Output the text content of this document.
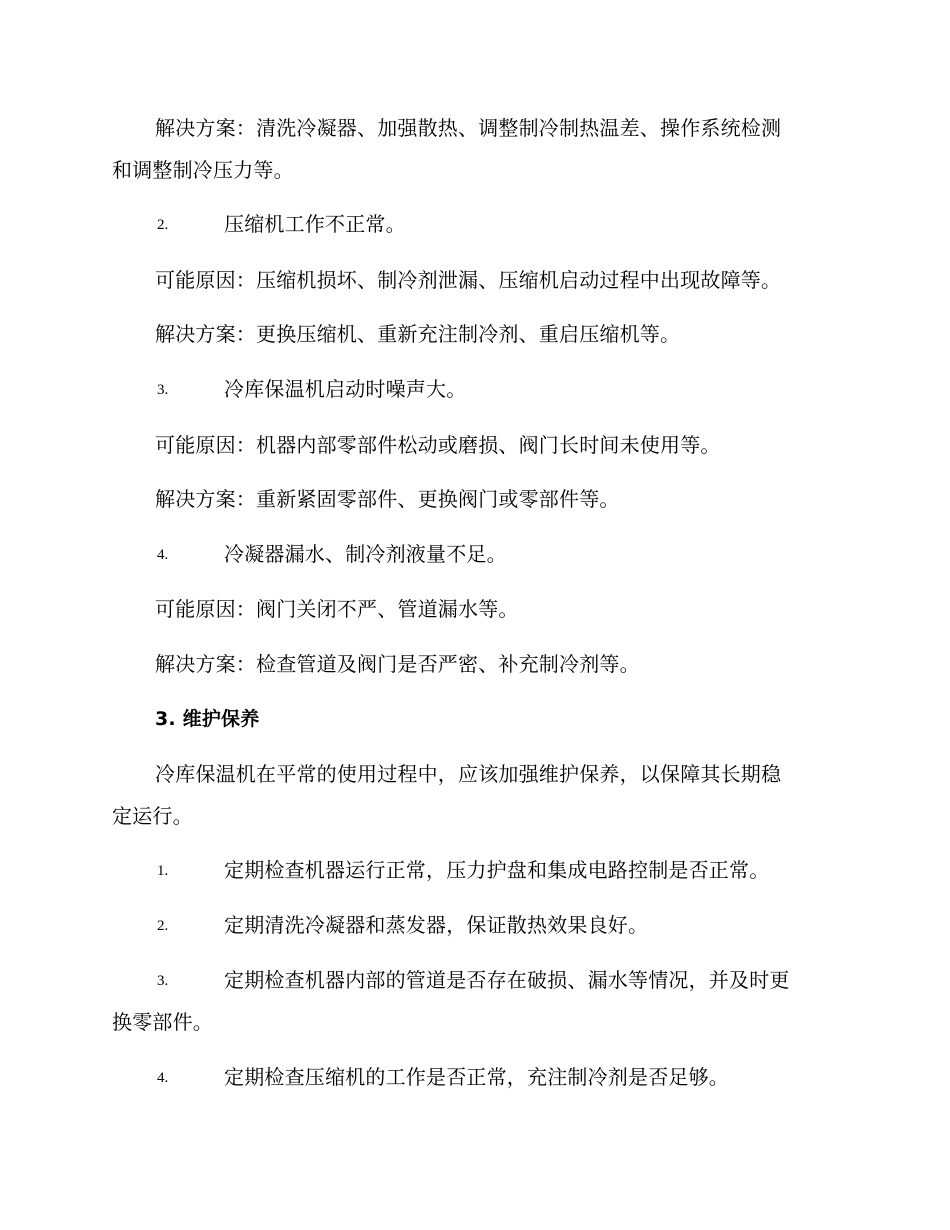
解决方案：清洗冷凝器、加强散热、调整制冷制热温差、操作系统检测
和调整制冷压力等。
2.	压缩机工作不正常。
可能原因：压缩机损坏、制冷剂泄漏、压缩机启动过程中出现故障等。
解决方案：更换压缩机、重新充注制冷剂、重启压缩机等。
3.	冷库保温机启动时噪声大。
可能原因：机器内部零部件松动或磨损、阀门长时间未使用等。
解决方案：重新紧固零部件、更换阀门或零部件等。
4.	冷凝器漏水、制冷剂液量不足。
可能原因：阀门关闭不严、管道漏水等。
解决方案：检查管道及阀门是否严密、补充制冷剂等。
3. 维护保养
冷库保温机在平常的使用过程中，应该加强维护保养，以保障其长期稳
定运行。
1.	定期检查机器运行正常，压力护盘和集成电路控制是否正常。
2.	定期清洗冷凝器和蒸发器，保证散热效果良好。
3.	定期检查机器内部的管道是否存在破损、漏水等情况，并及时更
换零部件。
4.	定期检查压缩机的工作是否正常，充注制冷剂是否足够。
